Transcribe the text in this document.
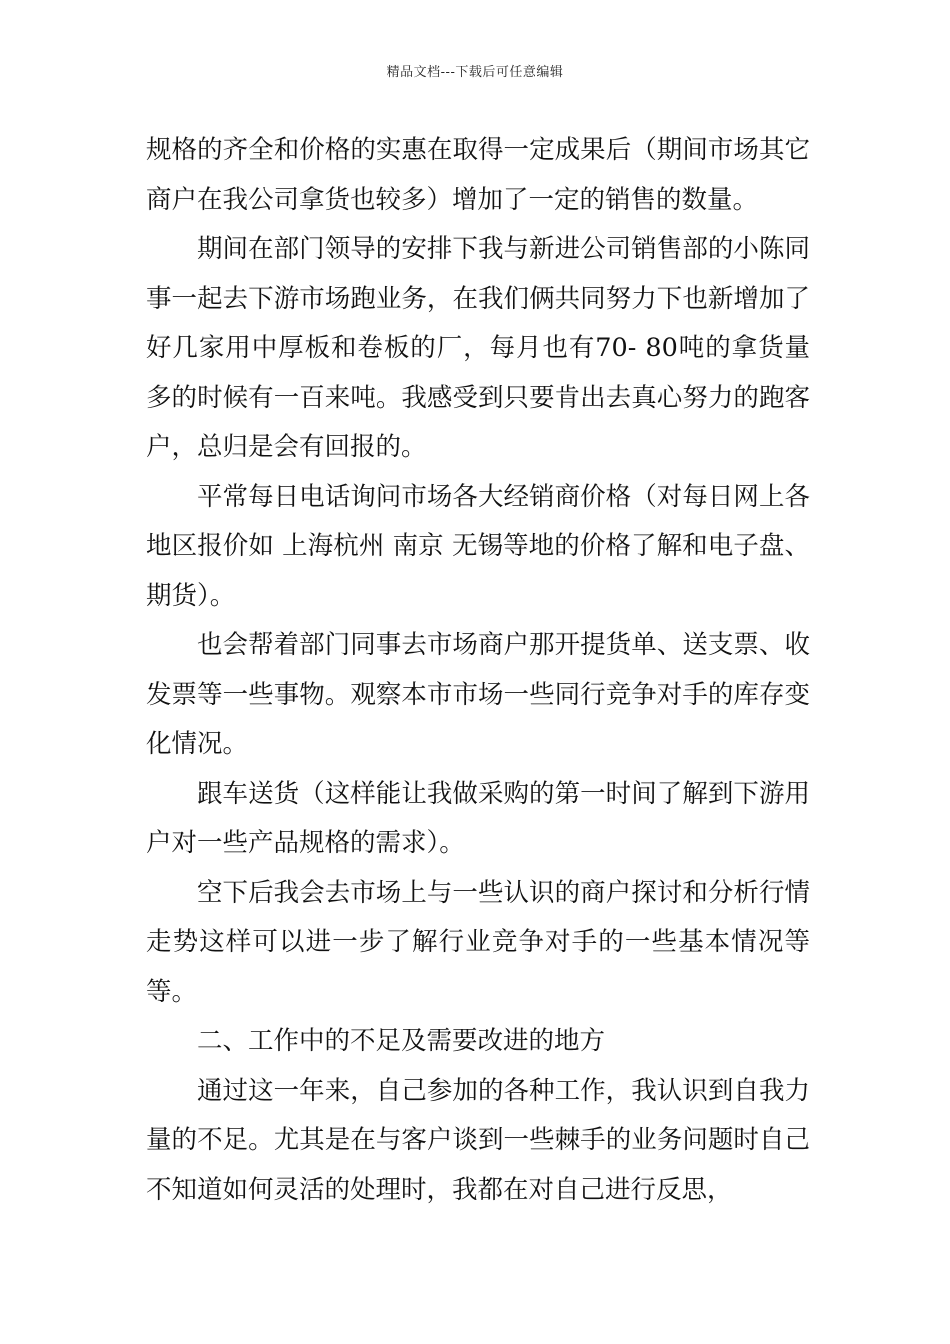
精品文档---下载后可任意编辑

规格的齐全和价格的实惠在取得一定成果后（期间市场其它商户在我公司拿货也较多）增加了一定的销售的数量。

期间在部门领导的安排下我与新进公司销售部的小陈同事一起去下游市场跑业务，在我们俩共同努力下也新增加了好几家用中厚板和卷板的厂，每月也有70- 80吨的拿货量多的时候有一百来吨。我感受到只要肯出去真心努力的跑客户，总归是会有回报的。

平常每日电话询问市场各大经销商价格（对每日网上各地区报价如 上海杭州 南京 无锡等地的价格了解和电子盘、期货）。

也会帮着部门同事去市场商户那开提货单、送支票、收发票等一些事物。观察本市市场一些同行竞争对手的库存变化情况。

跟车送货（这样能让我做采购的第一时间了解到下游用户对一些产品规格的需求）。

空下后我会去市场上与一些认识的商户探讨和分析行情走势这样可以进一步了解行业竞争对手的一些基本情况等等。

二、工作中的不足及需要改进的地方

通过这一年来，自己参加的各种工作，我认识到自我力量的不足。尤其是在与客户谈到一些棘手的业务问题时自己不知道如何灵活的处理时，我都在对自己进行反思，
